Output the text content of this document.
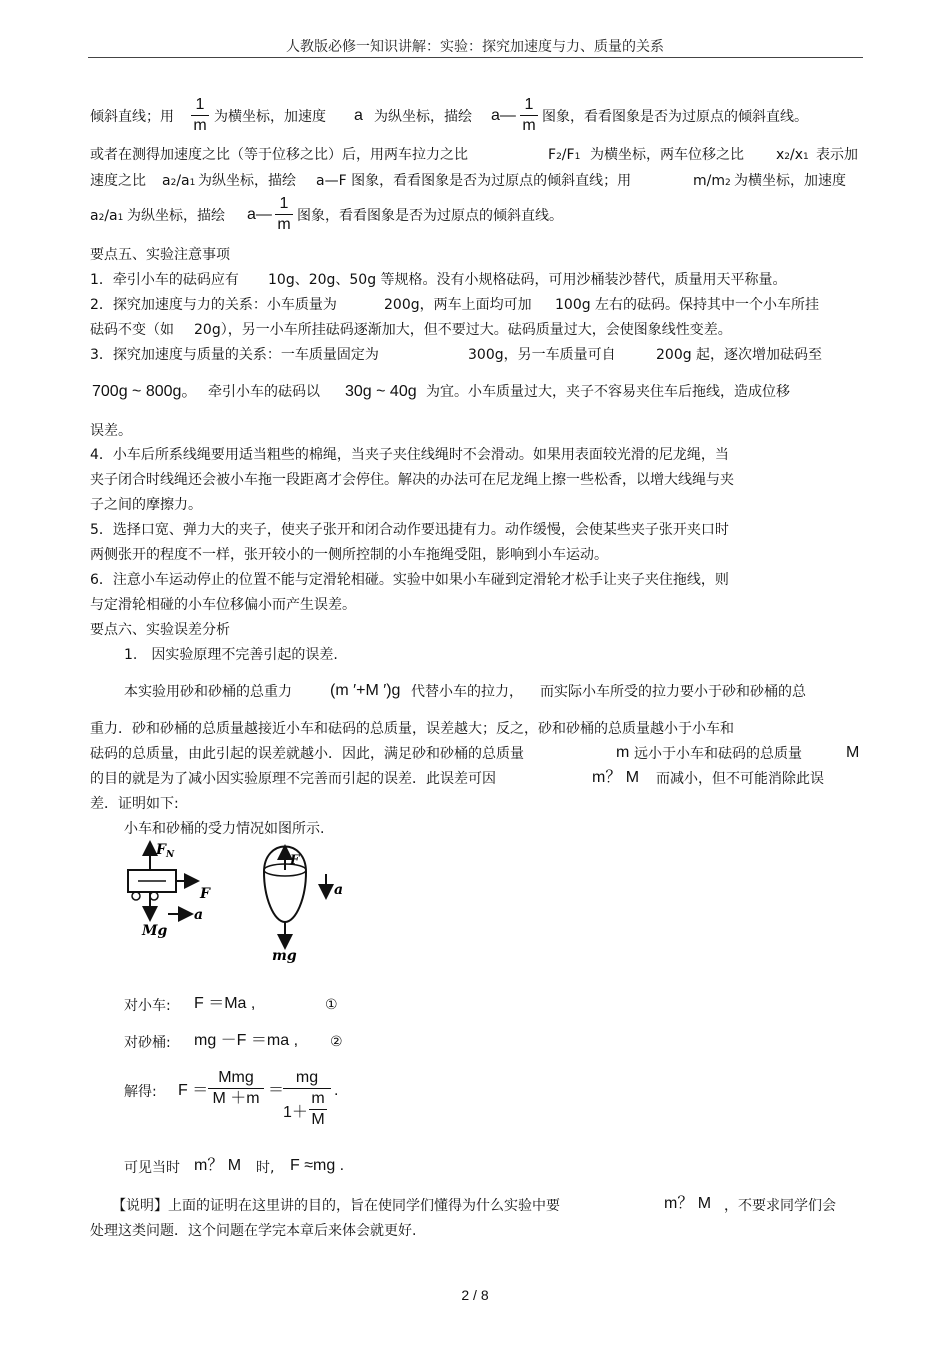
人教版必修一知识讲解：实验：探究加速度与力、质量的关系
倾斜直线；用
1
m 为横坐标，加速度 a 为纵坐标，描绘 a—
1
m 图象，看看图象是否为过原点的倾斜直线。
或者在测得加速度之比（等于位移之比）后，用两车拉力之比	F2/F1 为横坐标，两车位移之比 x2/x1 表示加
速度之比 a2/a1 为纵坐标，描绘 a—F 图象，看看图象是否为过原点的倾斜直线；用	m/m2 为横坐标，加速度
a2/a1 为纵坐标，描绘 a—
1
m 图象，看看图象是否为过原点的倾斜直线。
要点五、实验注意事项
1．牵引小车的砝码应有 10g、20g、50g 等规格。没有小规格砝码，可用沙桶装沙替代，质量用天平称量。
2．探究加速度与力的关系：小车质量为	200g，两车上面均可加 100g 左右的砝码。保持其中一个小车所挂
砝码不变（如 20g），另一小车所挂砝码逐渐加大，但不要过大。砝码质量过大，会使图象线性变差。
3．探究加速度与质量的关系：一车质量固定为	300g，另一车质量可自	200g 起，逐次增加砝码至
700g ~ 800g。 牵引小车的砝码以 30g ~ 40g 为宜。小车质量过大，夹子不容易夹住车后拖线，造成位移
误差。
4．小车后所系线绳要用适当粗些的棉绳，当夹子夹住线绳时不会滑动。如果用表面较光滑的尼龙绳，当
夹子闭合时线绳还会被小车拖一段距离才会停住。解决的办法可在尼龙绳上擦一些松香，以增大线绳与夹
子之间的摩擦力。
5．选择口宽、弹力大的夹子，使夹子张开和闭合动作要迅捷有力。动作缓慢，会使某些夹子张开夹口时
两侧张开的程度不一样，张开较小的一侧所控制的小车拖绳受阻，影响到小车运动。
6．注意小车运动停止的位置不能与定滑轮相碰。实验中如果小车碰到定滑轮才松手让夹子夹住拖线，则
与定滑轮相碰的小车位移偏小而产生误差。
要点六、实验误差分析
1.　因实验原理不完善引起的误差.
本实验用砂和砂桶的总重力 (m ′+M ′)g 代替小车的拉力， 而实际小车所受的拉力要小于砂和砂桶的总
重力．砂和砂桶的总质量越接近小车和砝码的总质量，误差越大；反之，砂和砂桶的总质量越小于小车和
砝码的总质量，由此引起的误差就越小．因此，满足砂和砂桶的总质量	m 远小于小车和砝码的总质量	M
的目的就是为了减小因实验原理不完善而引起的误差．此误差可因	m？ M 而减小，但不可能消除此误
差．证明如下:
小车和砂桶的受力情况如图所示.
$F_N$
F
a
Mg
F
a
mg
对小车: F ＝Ma ,	①
对砂桶: mg －F ＝ma , ②
解得: F ＝
Mmg
M ＋m ＝
mg
1＋
m
M
.
可见当时 m？ M 时, F ≈mg .
【说明】上面的证明在这里讲的目的，旨在使同学们懂得为什么实验中要	m？ M ，不要求同学们会
处理这类问题．这个问题在学完本章后来体会就更好.
2 / 8
